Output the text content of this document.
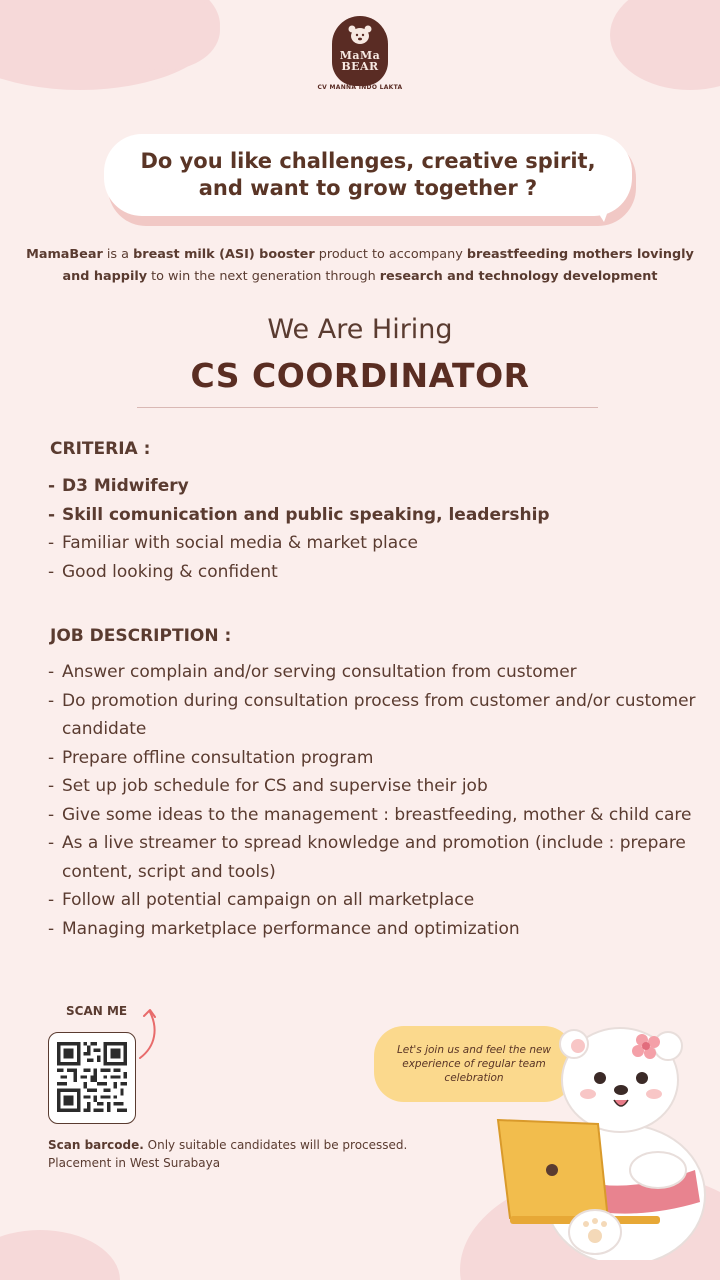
MaMa
BEAR
CV MANNA INDO LAKTA
Do you like challenges, creative spirit, and want to grow together ?
MamaBear is a breast milk (ASI) booster product to accompany breastfeeding mothers lovingly and happily to win the next generation through research and technology development
We Are Hiring
CS COORDINATOR
CRITERIA :
- D3 Midwifery
- Skill comunication and public speaking, leadership
- Familiar with social media & market place
- Good looking & confident
JOB DESCRIPTION :
- Answer complain and/or serving consultation from customer
- Do promotion during consultation process from customer and/or customer candidate
- Prepare offline consultation program
- Set up job schedule for CS and supervise their job
- Give some ideas to the management : breastfeeding, mother & child care
- As a live streamer to spread knowledge and promotion (include : prepare content, script and tools)
- Follow all potential campaign on all marketplace
- Managing marketplace performance and optimization
SCAN ME
Scan barcode. Only suitable candidates will be processed.
Placement in West Surabaya
Let's join us and feel the new experience of regular team celebration
